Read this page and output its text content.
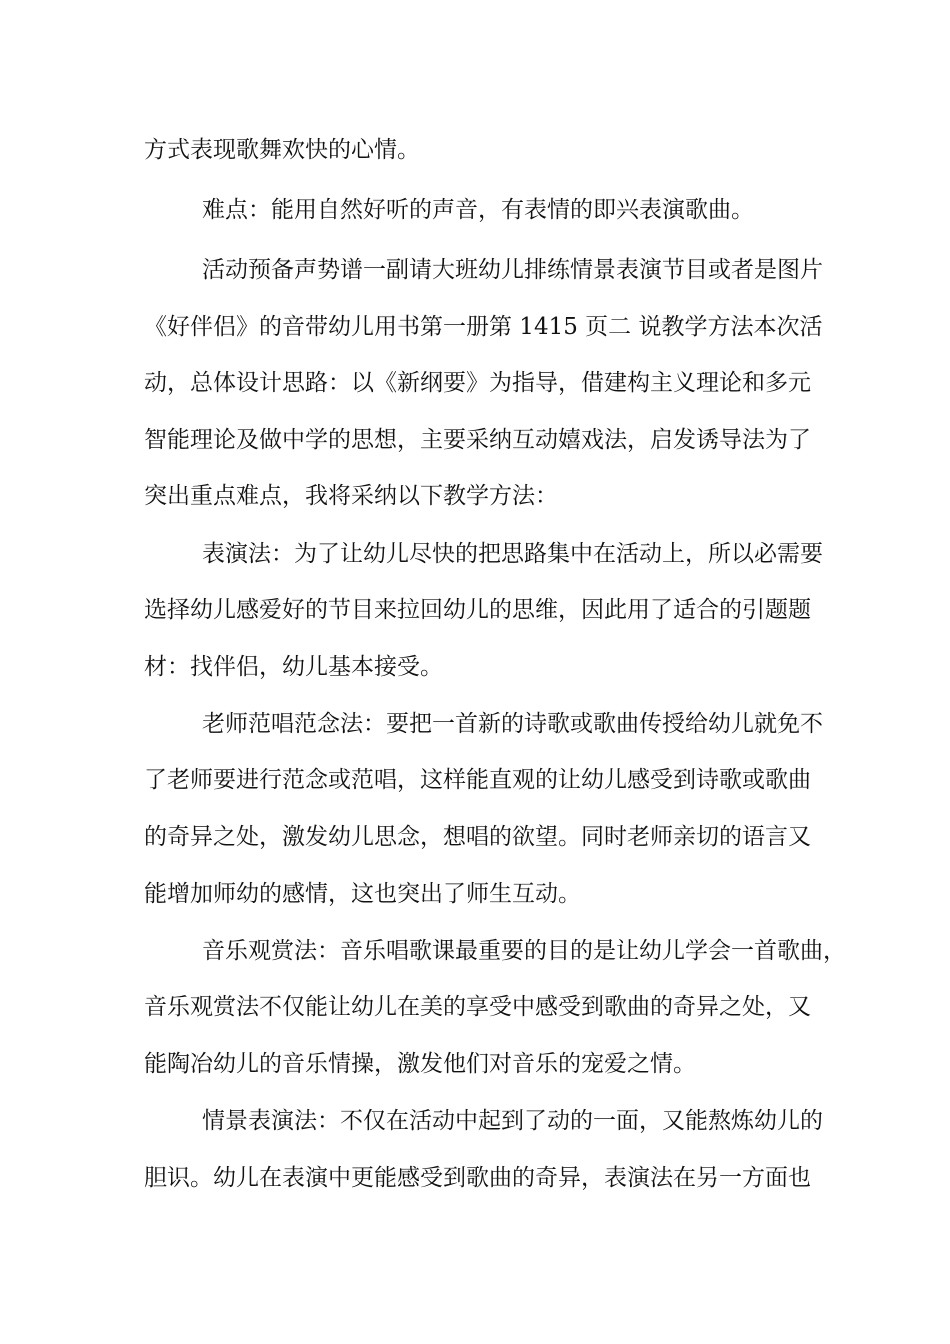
方式表现歌舞欢快的心情。
难点：能用自然好听的声音，有表情的即兴表演歌曲。
活动预备声势谱一副请大班幼儿排练情景表演节目或者是图片
《好伴侣》的音带幼儿用书第一册第 1415 页二 说教学方法本次活
动，总体设计思路：以《新纲要》为指导，借建构主义理论和多元
智能理论及做中学的思想，主要采纳互动嬉戏法，启发诱导法为了
突出重点难点，我将采纳以下教学方法：
表演法：为了让幼儿尽快的把思路集中在活动上，所以必需要
选择幼儿感爱好的节目来拉回幼儿的思维，因此用了适合的引题题
材：找伴侣，幼儿基本接受。
老师范唱范念法：要把一首新的诗歌或歌曲传授给幼儿就免不
了老师要进行范念或范唱，这样能直观的让幼儿感受到诗歌或歌曲
的奇异之处，激发幼儿思念，想唱的欲望。同时老师亲切的语言又
能增加师幼的感情，这也突出了师生互动。
音乐观赏法：音乐唱歌课最重要的目的是让幼儿学会一首歌曲，
音乐观赏法不仅能让幼儿在美的享受中感受到歌曲的奇异之处，又
能陶冶幼儿的音乐情操，激发他们对音乐的宠爱之情。
情景表演法：不仅在活动中起到了动的一面，又能熬炼幼儿的
胆识。幼儿在表演中更能感受到歌曲的奇异，表演法在另一方面也
